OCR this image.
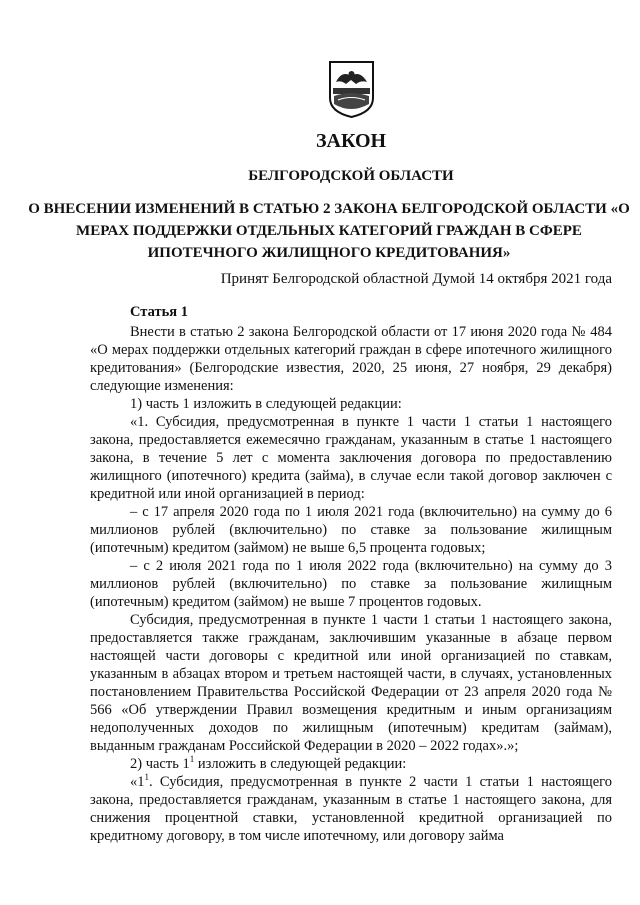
ЗАКОН
БЕЛГОРОДСКОЙ ОБЛАСТИ
О ВНЕСЕНИИ ИЗМЕНЕНИЙ В СТАТЬЮ 2 ЗАКОНА БЕЛГОРОДСКОЙ ОБЛАСТИ «О МЕРАХ ПОДДЕРЖКИ ОТДЕЛЬНЫХ КАТЕГОРИЙ ГРАЖДАН В СФЕРЕ ИПОТЕЧНОГО ЖИЛИЩНОГО КРЕДИТОВАНИЯ»
Принят Белгородской областной Думой 14 октября 2021 года

Статья 1

Внести в статью 2 закона Белгородской области от 17 июня 2020 года № 484 «О мерах поддержки отдельных категорий граждан в сфере ипотечного жилищного кредитования» (Белгородские известия, 2020, 25 июня, 27 ноября, 29 декабря) следующие изменения:

1) часть 1 изложить в следующей редакции:

«1. Субсидия, предусмотренная в пункте 1 части 1 статьи 1 настоящего закона, предоставляется ежемесячно гражданам, указанным в статье 1 настоящего закона, в течение 5 лет с момента заключения договора по предоставлению жилищного (ипотечного) кредита (займа), в случае если такой договор заключен с кредитной или иной организацией в период:

– с 17 апреля 2020 года по 1 июля 2021 года (включительно) на сумму до 6 миллионов рублей (включительно) по ставке за пользование жилищным (ипотечным) кредитом (займом) не выше 6,5 процента годовых;

– с 2 июля 2021 года по 1 июля 2022 года (включительно) на сумму до 3 миллионов рублей (включительно) по ставке за пользование жилищным (ипотечным) кредитом (займом) не выше 7 процентов годовых.

Субсидия, предусмотренная в пункте 1 части 1 статьи 1 настоящего закона, предоставляется также гражданам, заключившим указанные в абзаце первом настоящей части договоры с кредитной или иной организацией по ставкам, указанным в абзацах втором и третьем настоящей части, в случаях, установленных постановлением Правительства Российской Федерации от 23 апреля 2020 года № 566 «Об утверждении Правил возмещения кредитным и иным организациям недополученных доходов по жилищным (ипотечным) кредитам (займам), выданным гражданам Российской Федерации в 2020 – 2022 годах».»;

2) часть $1^1$ изложить в следующей редакции:

«$1^1$. Субсидия, предусмотренная в пункте 2 части 1 статьи 1 настоящего закона, предоставляется гражданам, указанным в статье 1 настоящего закона, для снижения процентной ставки, установленной кредитной организацией по кредитному договору, в том числе ипотечному, или договору займа
